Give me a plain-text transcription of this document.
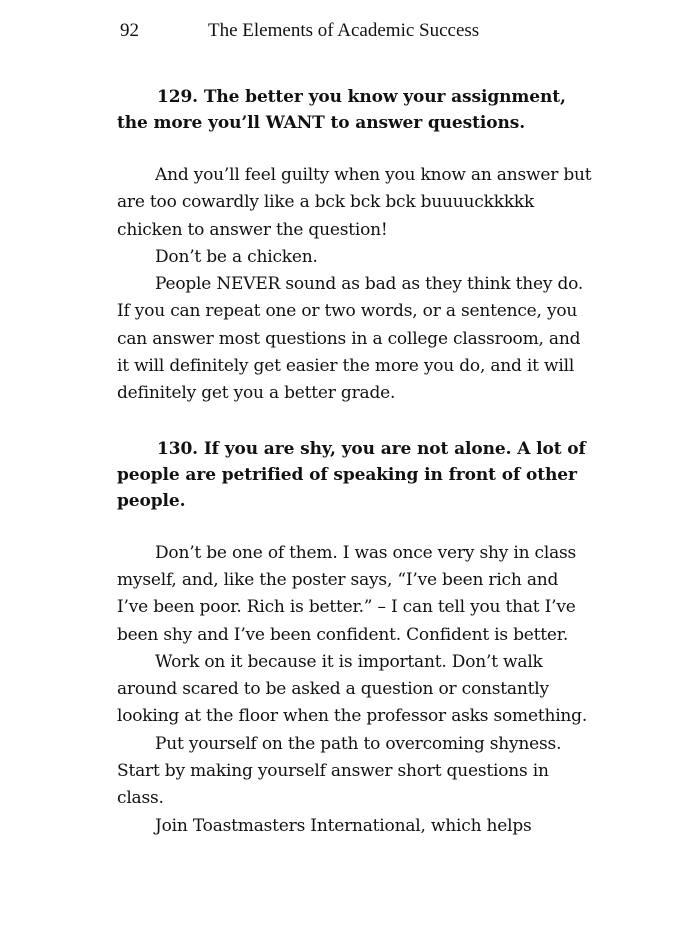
92	The Elements of Academic Success

129. The better you know your assignment, the more you’ll WANT to answer questions.

And you’ll feel guilty when you know an answer but are too cowardly like a bck bck bck buuuuckkkkk chicken to answer the question!

Don’t be a chicken.

People NEVER sound as bad as they think they do. If you can repeat one or two words, or a sentence, you can answer most questions in a college classroom, and it will definitely get easier the more you do, and it will definitely get you a better grade.

130. If you are shy, you are not alone. A lot of people are petrified of speaking in front of other people.

Don’t be one of them. I was once very shy in class myself, and, like the poster says, “I’ve been rich and I’ve been poor. Rich is better.” – I can tell you that I’ve been shy and I’ve been confident. Confident is better.

Work on it because it is important. Don’t walk around scared to be asked a question or constantly looking at the floor when the professor asks something.

Put yourself on the path to overcoming shyness. Start by making yourself answer short questions in class.

Join Toastmasters International, which helps
